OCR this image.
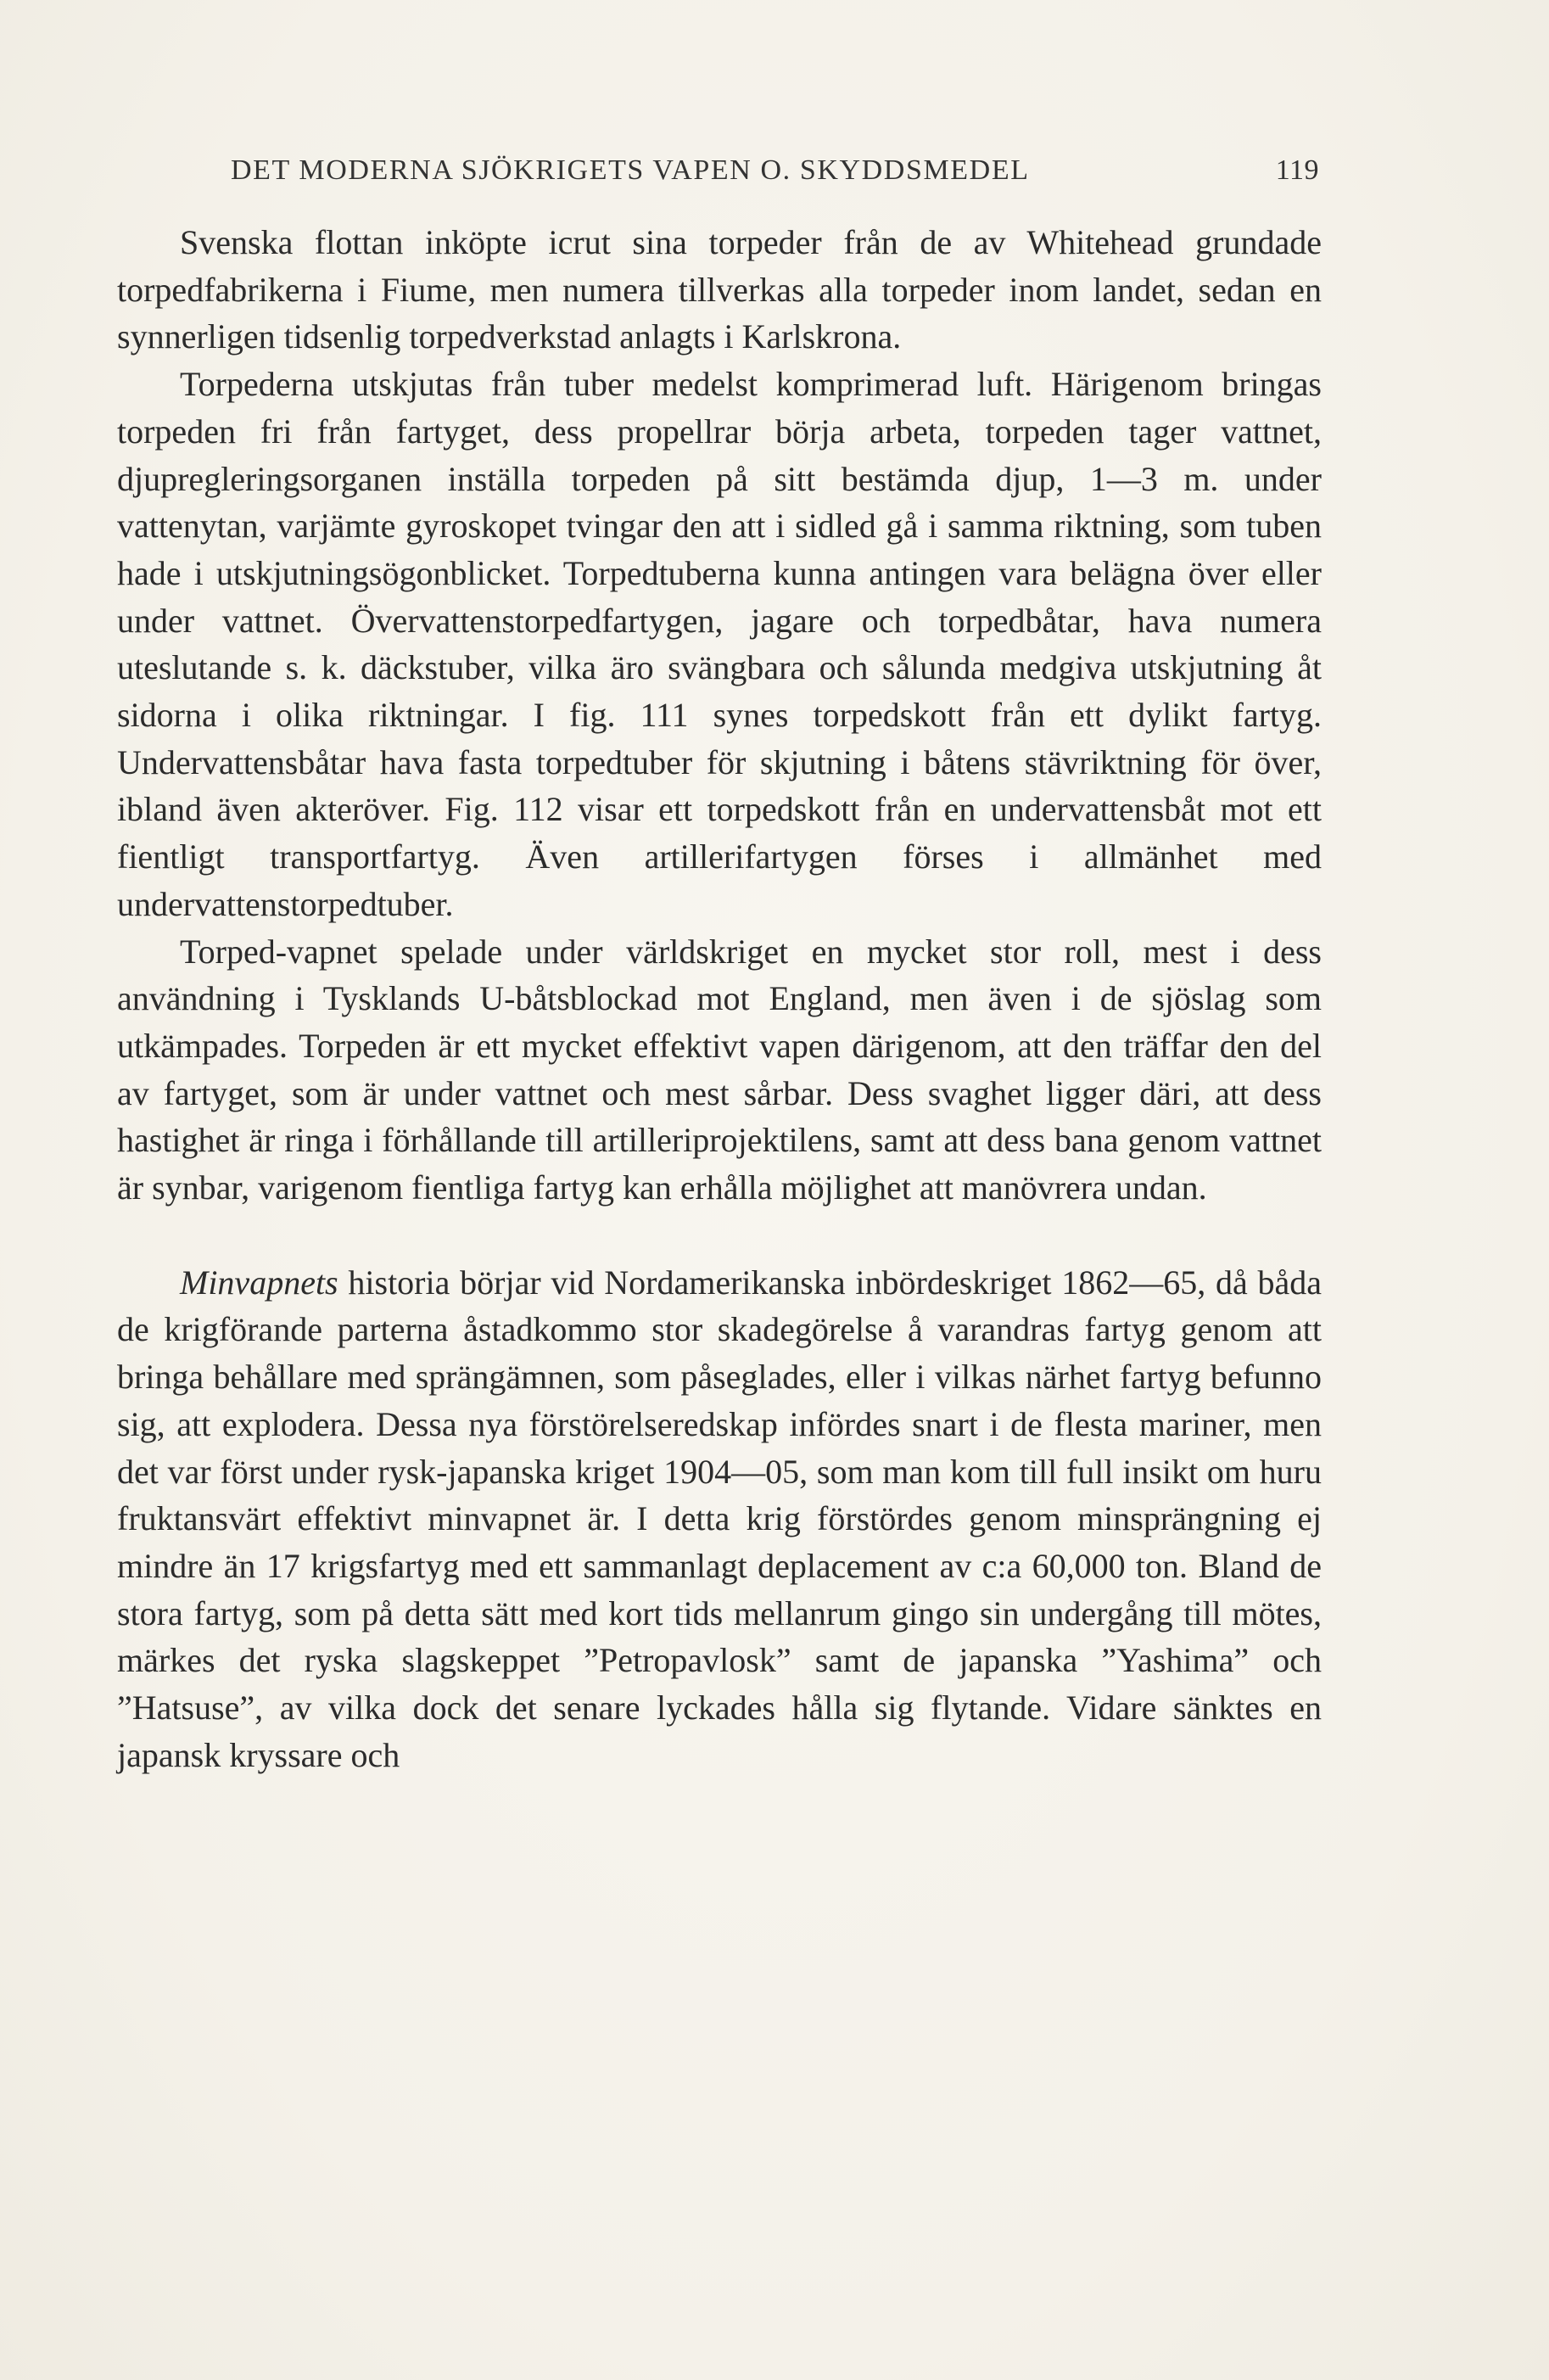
DET MODERNA SJÖKRIGETS VAPEN O. SKYDDSMEDEL	119

Svenska flottan inköpte icrut sina torpeder från de av Whitehead grundade torpedfabrikerna i Fiume, men numera tillverkas alla torpeder inom landet, sedan en synnerligen tidsenlig torpedverkstad anlagts i Karlskrona.

Torpederna utskjutas från tuber medelst komprimerad luft. Härigenom bringas torpeden fri från fartyget, dess propellrar börja arbeta, torpeden tager vattnet, djupregleringsorganen inställa torpeden på sitt bestämda djup, 1—3 m. under vattenytan, varjämte gyroskopet tvingar den att i sidled gå i samma riktning, som tuben hade i utskjutningsögonblicket. Torpedtuberna kunna antingen vara belägna över eller under vattnet. Övervattenstorpedfartygen, jagare och torpedbåtar, hava numera uteslutande s. k. däckstuber, vilka äro svängbara och sålunda medgiva utskjutning åt sidorna i olika riktningar. I fig. 111 synes torpedskott från ett dylikt fartyg. Undervattensbåtar hava fasta torpedtuber för skjutning i båtens stävriktning för över, ibland även akteröver. Fig. 112 visar ett torpedskott från en undervattensbåt mot ett fientligt transportfartyg. Även artillerifartygen förses i allmänhet med undervattenstorpedtuber.

Torped-vapnet spelade under världskriget en mycket stor roll, mest i dess användning i Tysklands U-båtsblockad mot England, men även i de sjöslag som utkämpades. Torpeden är ett mycket effektivt vapen därigenom, att den träffar den del av fartyget, som är under vattnet och mest sårbar. Dess svaghet ligger däri, att dess hastighet är ringa i förhållande till artilleriprojektilens, samt att dess bana genom vattnet är synbar, varigenom fientliga fartyg kan erhålla möjlighet att manövrera undan.

Minvapnets historia börjar vid Nordamerikanska inbördeskriget 1862—65, då båda de krigförande parterna åstadkommo stor skadegörelse å varandras fartyg genom att bringa behållare med sprängämnen, som påseglades, eller i vilkas närhet fartyg befunno sig, att explodera. Dessa nya förstörelseredskap infördes snart i de flesta mariner, men det var först under rysk-japanska kriget 1904—05, som man kom till full insikt om huru fruktansvärt effektivt minvapnet är. I detta krig förstördes genom minsprängning ej mindre än 17 krigsfartyg med ett sammanlagt deplacement av c:a 60,000 ton. Bland de stora fartyg, som på detta sätt med kort tids mellanrum gingo sin undergång till mötes, märkes det ryska slagskeppet ”Petropavlosk” samt de japanska ”Yashima” och ”Hatsuse”, av vilka dock det senare lyckades hålla sig flytande. Vidare sänktes en japansk kryssare och
